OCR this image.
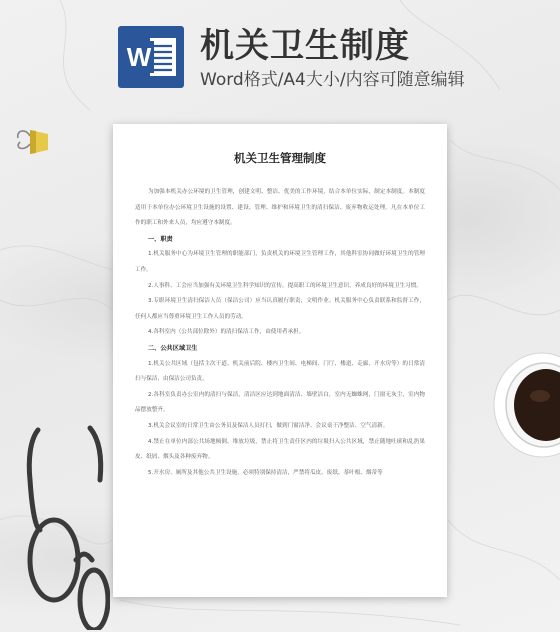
W 机关卫生制度
Word格式/A4大小/内容可随意编辑
机关卫生管理制度

为加强本机关办公环境的卫生管理，创建文明、整洁、优美的工作环境，结合本单位实际，制定本制度。本制度适用于本单位办公环境卫生设施的设置、建设、管理、维护和环境卫生的清扫保洁、废弃物收运处理。凡在本单位工作的职工和外来人员，均应遵守本制度。

一、职责

1.机关服务中心为环境卫生管理的职能部门，负责机关的环境卫生管理工作，其他科室协同做好环境卫生的管理工作。

2.人事科、工会应当加强有关环境卫生科学知识的宣传，提高职工的环境卫生意识，养成良好的环境卫生习惯。

3.专职环境卫生清扫保洁人员（保洁公司）应当认真履行职责，文明作业。机关服务中心负责联系和监督工作，任何人都应当尊重环境卫生工作人员的劳动。

4.各科室内（公共部位除外）的清扫保洁工作，由使用者承担。

二、公共区域卫生

1.机关公共区域（包括主次干道、机关前后院、楼内卫生间、电梯间、门厅、楼道、走廊、开水房等）的日常清扫与保洁，由保洁公司负责。

2.各科室负责办公室内的清扫与保洁，清洁区应达到地面清洁、墙壁洁白，室内无蜘蛛网，门窗无灰尘，室内物品摆放整齐。

3.机关会议室的日常卫生由公务员及保洁人员打扫，做到门窗洁净、会议桌干净整洁、空气清新。

4.禁止在单位内部公共场地倾倒、堆放垃圾，禁止将卫生责任区内的垃圾扫入公共区域，禁止随地吐痰和乱扔果皮、纸屑、烟头及各种废弃物。

5.开水房、厕所及其他公共卫生设施，必须特别保持清洁，严禁将瓜皮、废纸、茶叶根、烟蒂等
